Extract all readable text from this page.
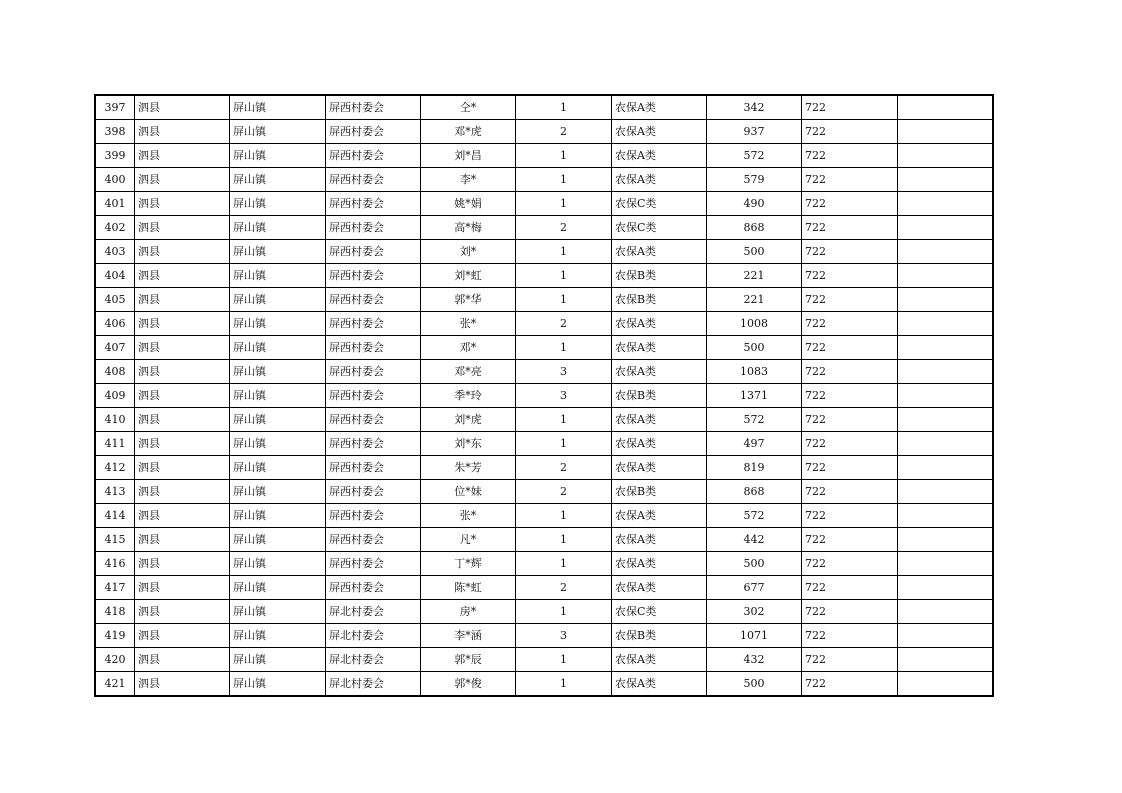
397	泗县	屏山镇	屏西村委会	仝*	1	农保A类	342	722	
398	泗县	屏山镇	屏西村委会	邓*虎	2	农保A类	937	722	
399	泗县	屏山镇	屏西村委会	刘*昌	1	农保A类	572	722	
400	泗县	屏山镇	屏西村委会	李*	1	农保A类	579	722	
401	泗县	屏山镇	屏西村委会	姚*娟	1	农保C类	490	722	
402	泗县	屏山镇	屏西村委会	高*梅	2	农保C类	868	722	
403	泗县	屏山镇	屏西村委会	刘*	1	农保A类	500	722	
404	泗县	屏山镇	屏西村委会	刘*虹	1	农保B类	221	722	
405	泗县	屏山镇	屏西村委会	郭*华	1	农保B类	221	722	
406	泗县	屏山镇	屏西村委会	张*	2	农保A类	1008	722	
407	泗县	屏山镇	屏西村委会	邓*	1	农保A类	500	722	
408	泗县	屏山镇	屏西村委会	邓*亮	3	农保A类	1083	722	
409	泗县	屏山镇	屏西村委会	季*玲	3	农保B类	1371	722	
410	泗县	屏山镇	屏西村委会	刘*虎	1	农保A类	572	722	
411	泗县	屏山镇	屏西村委会	刘*东	1	农保A类	497	722	
412	泗县	屏山镇	屏西村委会	朱*芳	2	农保A类	819	722	
413	泗县	屏山镇	屏西村委会	位*妹	2	农保B类	868	722	
414	泗县	屏山镇	屏西村委会	张*	1	农保A类	572	722	
415	泗县	屏山镇	屏西村委会	凡*	1	农保A类	442	722	
416	泗县	屏山镇	屏西村委会	丁*辉	1	农保A类	500	722	
417	泗县	屏山镇	屏西村委会	陈*虹	2	农保A类	677	722	
418	泗县	屏山镇	屏北村委会	房*	1	农保C类	302	722	
419	泗县	屏山镇	屏北村委会	李*涵	3	农保B类	1071	722	
420	泗县	屏山镇	屏北村委会	郭*辰	1	农保A类	432	722	
421	泗县	屏山镇	屏北村委会	郭*俊	1	农保A类	500	722	
